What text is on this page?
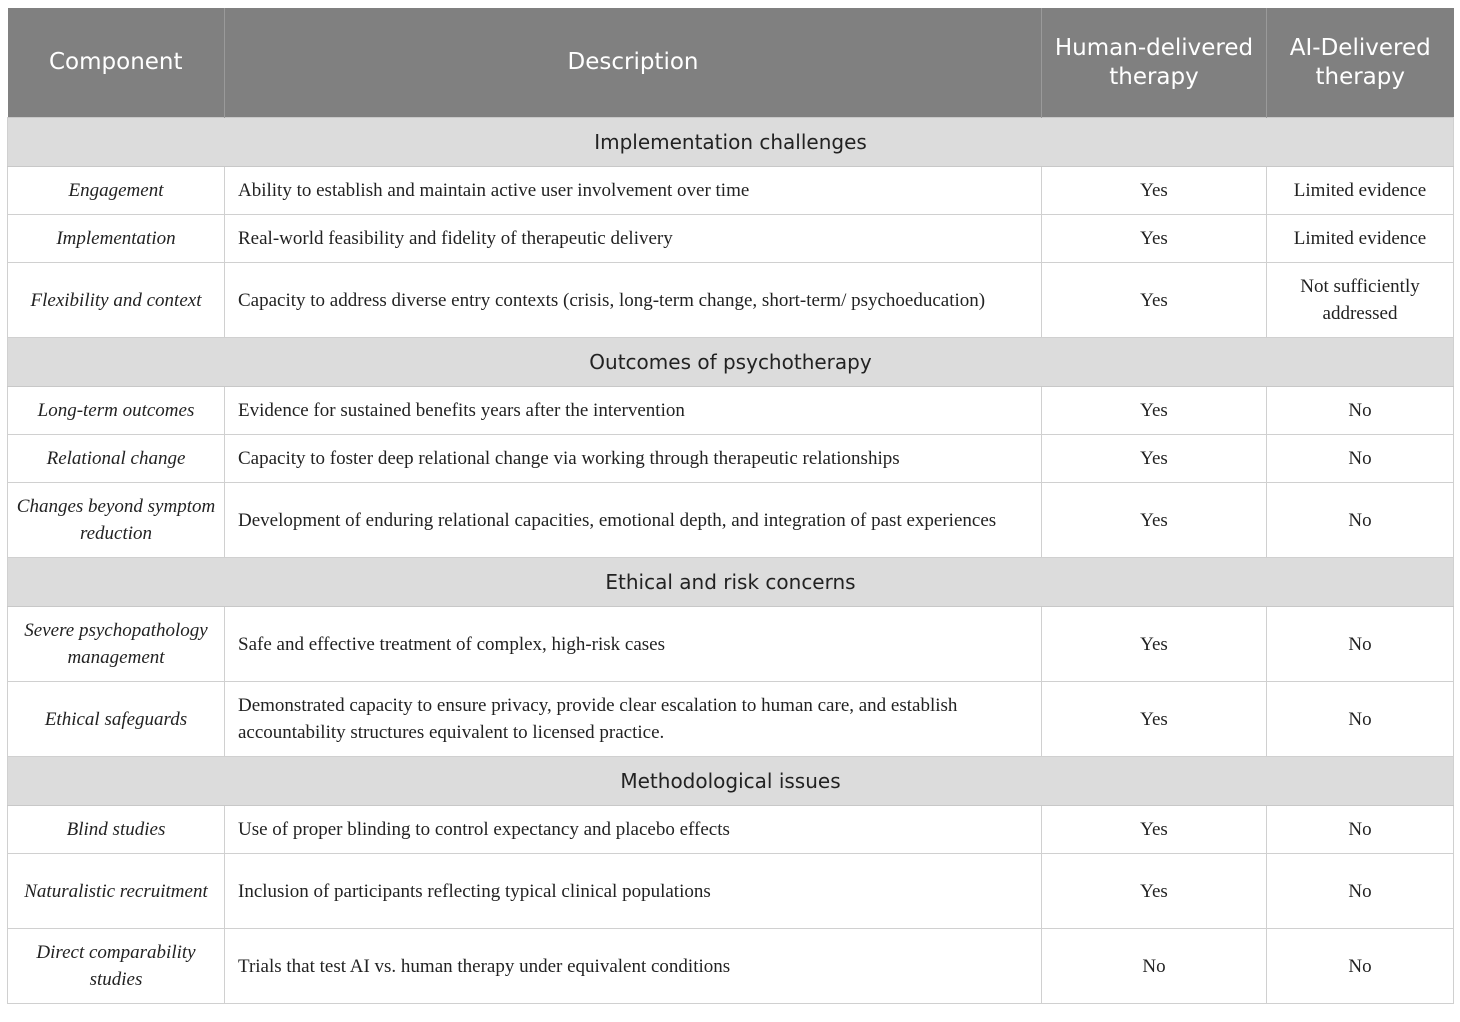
Component	Description	Human-delivered therapy	AI-Delivered therapy
Implementation challenges			
Engagement	Ability to establish and maintain active user involvement over time	Yes	Limited evidence
Implementation	Real-world feasibility and fidelity of therapeutic delivery	Yes	Limited evidence
Flexibility and context	Capacity to address diverse entry contexts (crisis, long-term change, short-term/ psychoeducation)	Yes	Not sufficiently addressed
Outcomes of psychotherapy			
Long-term outcomes	Evidence for sustained benefits years after the intervention	Yes	No
Relational change	Capacity to foster deep relational change via working through therapeutic relationships	Yes	No
Changes beyond symptom reduction	Development of enduring relational capacities, emotional depth, and integration of past experiences	Yes	No
Ethical and risk concerns			
Severe psychopathology management	Safe and effective treatment of complex, high-risk cases	Yes	No
Ethical safeguards	Demonstrated capacity to ensure privacy, provide clear escalation to human care, and establish accountability structures equivalent to licensed practice.	Yes	No
Methodological issues			
Blind studies	Use of proper blinding to control expectancy and placebo effects	Yes	No
Naturalistic recruitment	Inclusion of participants reflecting typical clinical populations	Yes	No
Direct comparability studies	Trials that test AI vs. human therapy under equivalent conditions	No	No
